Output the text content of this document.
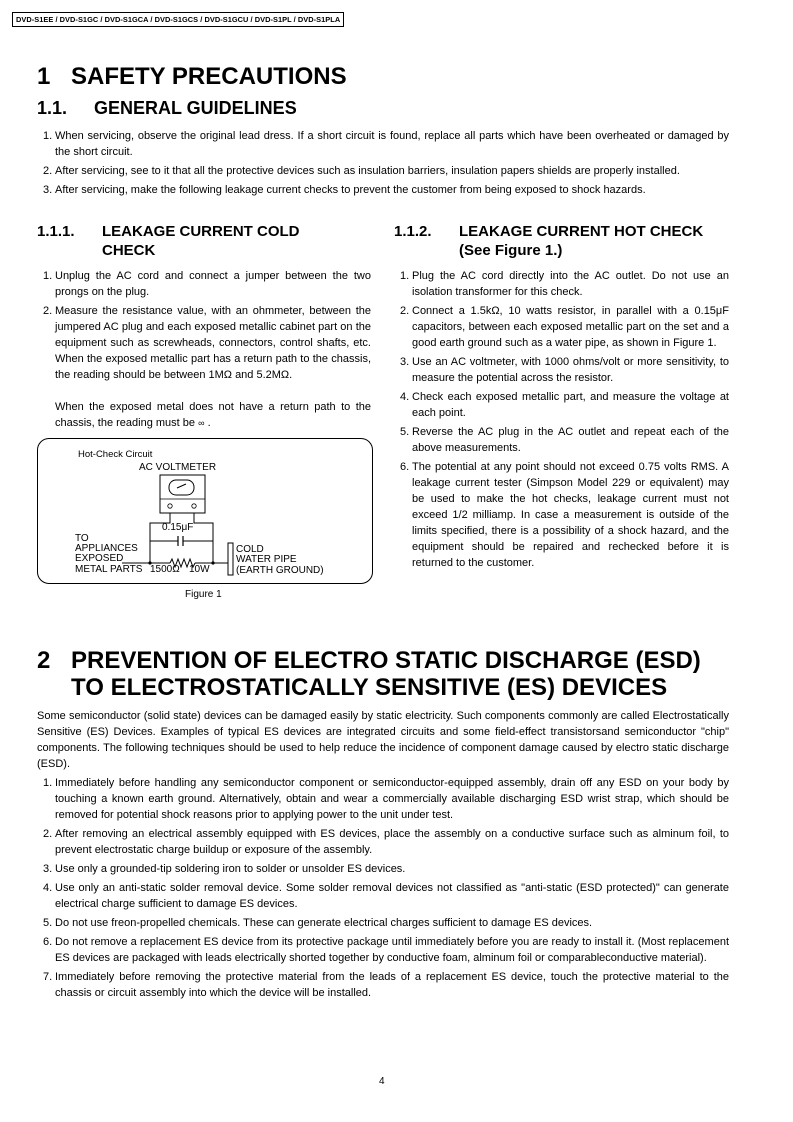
DVD-S1EE / DVD-S1GC / DVD-S1GCA / DVD-S1GCS / DVD-S1GCU / DVD-S1PL / DVD-S1PLA
1 SAFETY PRECAUTIONS
1.1. GENERAL GUIDELINES
1. When servicing, observe the original lead dress. If a short circuit is found, replace all parts which have been overheated or damaged by the short circuit.
2. After servicing, see to it that all the protective devices such as insulation barriers, insulation papers shields are properly installed.
3. After servicing, make the following leakage current checks to prevent the customer from being exposed to shock hazards.
1.1.1. LEAKAGE CURRENT COLD
CHECK
1. Unplug the AC cord and connect a jumper between the two prongs on the plug.
2. Measure the resistance value, with an ohmmeter, between the jumpered AC plug and each exposed metallic cabinet part on the equipment such as screwheads, connectors, control shafts, etc. When the exposed metallic part has a return path to the chassis, the reading should be between 1MΩ and 5.2MΩ.

When the exposed metal does not have a return path to the chassis, the reading must be ∞ .

Hot-Check Circuit
AC VOLTMETER
0.15μF
TO
APPLIANCES
EXPOSED
METAL PARTS 1500Ω 10W
COLD
WATER PIPE
(EARTH GROUND)
Figure 1
1.1.2. LEAKAGE CURRENT HOT CHECK
(See Figure 1.)
1. Plug the AC cord directly into the AC outlet. Do not use an isolation transformer for this check.
2. Connect a 1.5kΩ, 10 watts resistor, in parallel with a 0.15μF capacitors, between each exposed metallic part on the set and a good earth ground such as a water pipe, as shown in Figure 1.
3. Use an AC voltmeter, with 1000 ohms/volt or more sensitivity, to measure the potential across the resistor.
4. Check each exposed metallic part, and measure the voltage at each point.
5. Reverse the AC plug in the AC outlet and repeat each of the above measurements.
6. The potential at any point should not exceed 0.75 volts RMS. A leakage current tester (Simpson Model 229 or equivalent) may be used to make the hot checks, leakage current must not exceed 1/2 milliamp. In case a measurement is outside of the limits specified, there is a possibility of a shock hazard, and the equipment should be repaired and rechecked before it is returned to the customer.
2 PREVENTION OF ELECTRO STATIC DISCHARGE (ESD)
TO ELECTROSTATICALLY SENSITIVE (ES) DEVICES

Some semiconductor (solid state) devices can be damaged easily by static electricity. Such components commonly are called Electrostatically Sensitive (ES) Devices. Examples of typical ES devices are integrated circuits and some field-effect transistorsand semiconductor "chip" components. The following techniques should be used to help reduce the incidence of component damage caused by electro static discharge (ESD).

1. Immediately before handling any semiconductor component or semiconductor-equipped assembly, drain off any ESD on your body by touching a known earth ground. Alternatively, obtain and wear a commercially available discharging ESD wrist strap, which should be removed for potential shock reasons prior to applying power to the unit under test.
2. After removing an electrical assembly equipped with ES devices, place the assembly on a conductive surface such as alminum foil, to prevent electrostatic charge buildup or exposure of the assembly.
3. Use only a grounded-tip soldering iron to solder or unsolder ES devices.
4. Use only an anti-static solder removal device. Some solder removal devices not classified as "anti-static (ESD protected)" can generate electrical charge sufficient to damage ES devices.
5. Do not use freon-propelled chemicals. These can generate electrical charges sufficient to damage ES devices.
6. Do not remove a replacement ES device from its protective package until immediately before you are ready to install it. (Most replacement ES devices are packaged with leads electrically shorted together by conductive foam, alminum foil or comparableconductive material).
7. Immediately before removing the protective material from the leads of a replacement ES device, touch the protective material to the chassis or circuit assembly into which the device will be installed.
4
